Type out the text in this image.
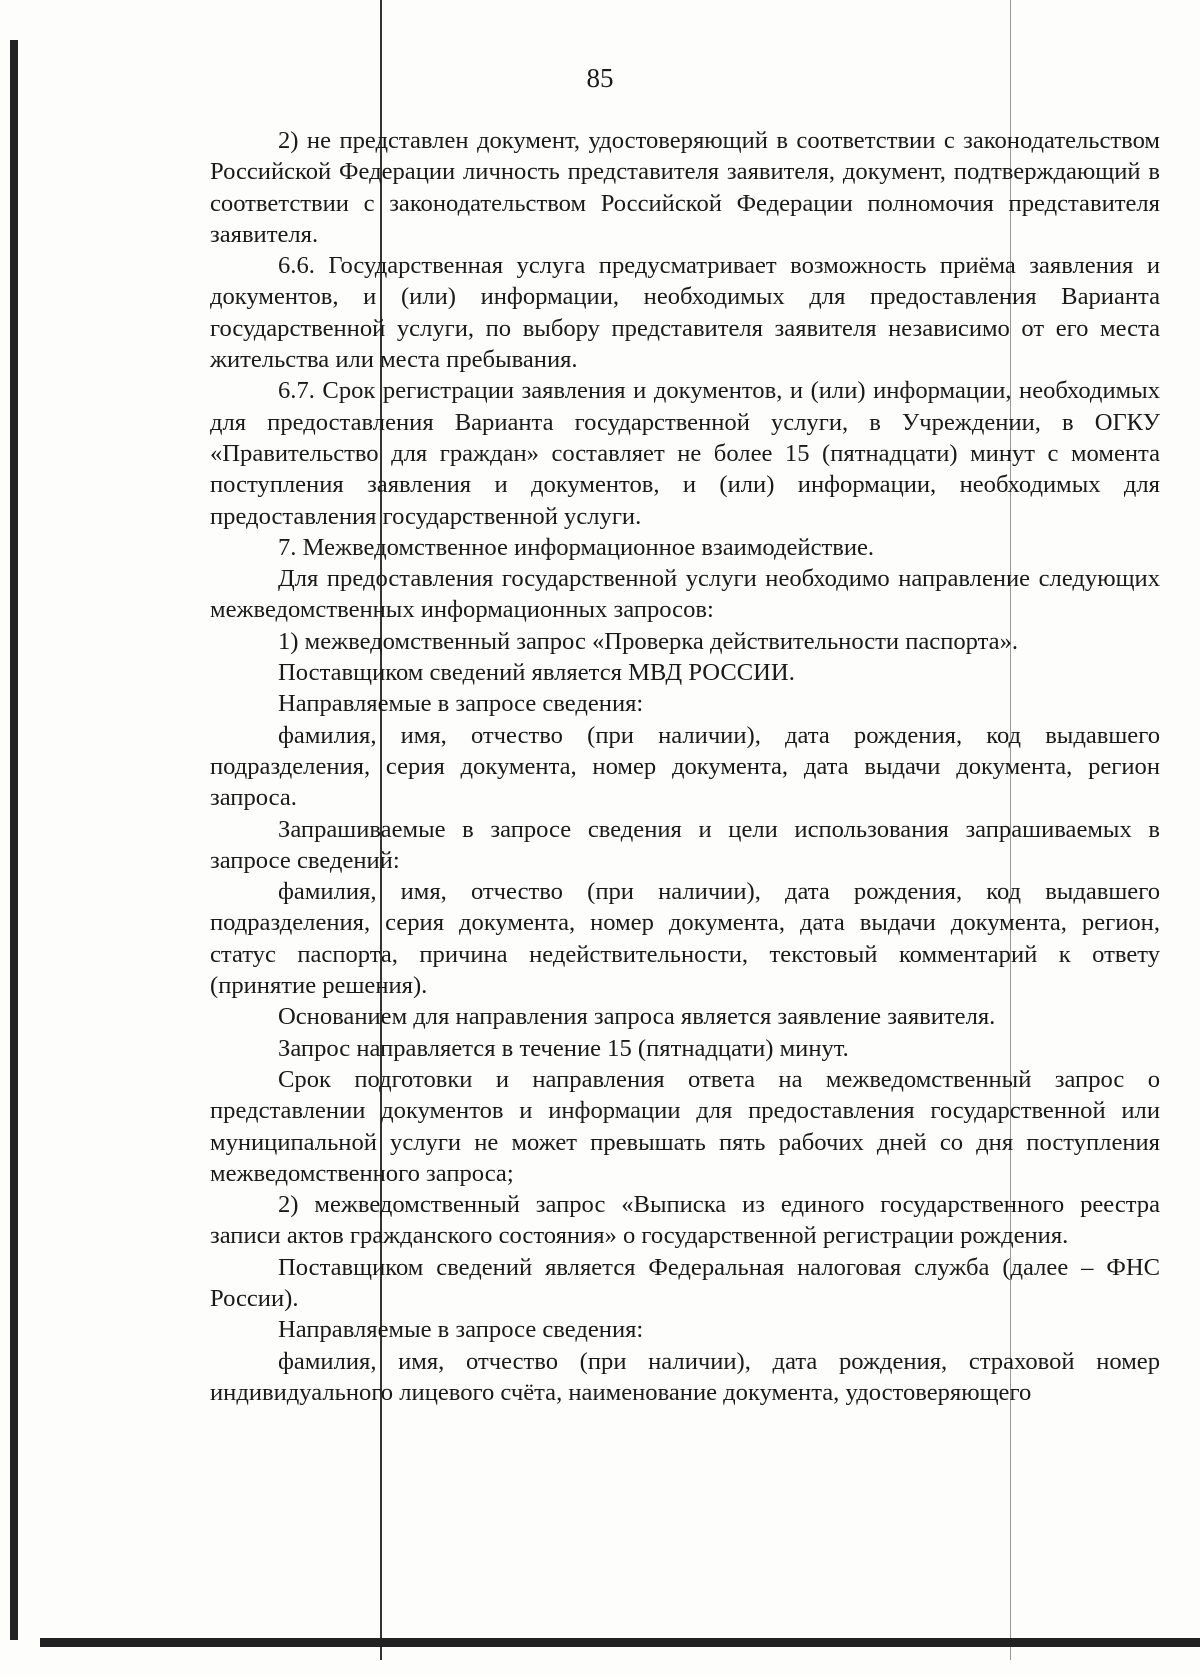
85

2) не представлен документ, удостоверяющий в соответствии с законодательством Российской Федерации личность представителя заявителя, документ, подтверждающий в соответствии с законодательством Российской Федерации полномочия представителя заявителя.

6.6. Государственная услуга предусматривает возможность приёма заявления и документов, и (или) информации, необходимых для предоставления Варианта государственной услуги, по выбору представителя заявителя независимо от его места жительства или места пребывания.

6.7. Срок регистрации заявления и документов, и (или) информации, необходимых для предоставления Варианта государственной услуги, в Учреждении, в ОГКУ «Правительство для граждан» составляет не более 15 (пятнадцати) минут с момента поступления заявления и документов, и (или) информации, необходимых для предоставления государственной услуги.

7. Межведомственное информационное взаимодействие.

Для предоставления государственной услуги необходимо направление следующих межведомственных информационных запросов:

1) межведомственный запрос «Проверка действительности паспорта».

Поставщиком сведений является МВД РОССИИ.

Направляемые в запросе сведения:

фамилия, имя, отчество (при наличии), дата рождения, код выдавшего подразделения, серия документа, номер документа, дата выдачи документа, регион запроса.

Запрашиваемые в запросе сведения и цели использования запрашиваемых в запросе сведений:

фамилия, имя, отчество (при наличии), дата рождения, код выдавшего подразделения, серия документа, номер документа, дата выдачи документа, регион, статус паспорта, причина недействительности, текстовый комментарий к ответу (принятие решения).

Основанием для направления запроса является заявление заявителя.

Запрос направляется в течение 15 (пятнадцати) минут.

Срок подготовки и направления ответа на межведомственный запрос о представлении документов и информации для предоставления государственной или муниципальной услуги не может превышать пять рабочих дней со дня поступления межведомственного запроса;

2) межведомственный запрос «Выписка из единого государственного реестра записи актов гражданского состояния» о государственной регистрации рождения.

Поставщиком сведений является Федеральная налоговая служба (далее – ФНС России).

Направляемые в запросе сведения:

фамилия, имя, отчество (при наличии), дата рождения, страховой номер индивидуального лицевого счёта, наименование документа, удостоверяющего
